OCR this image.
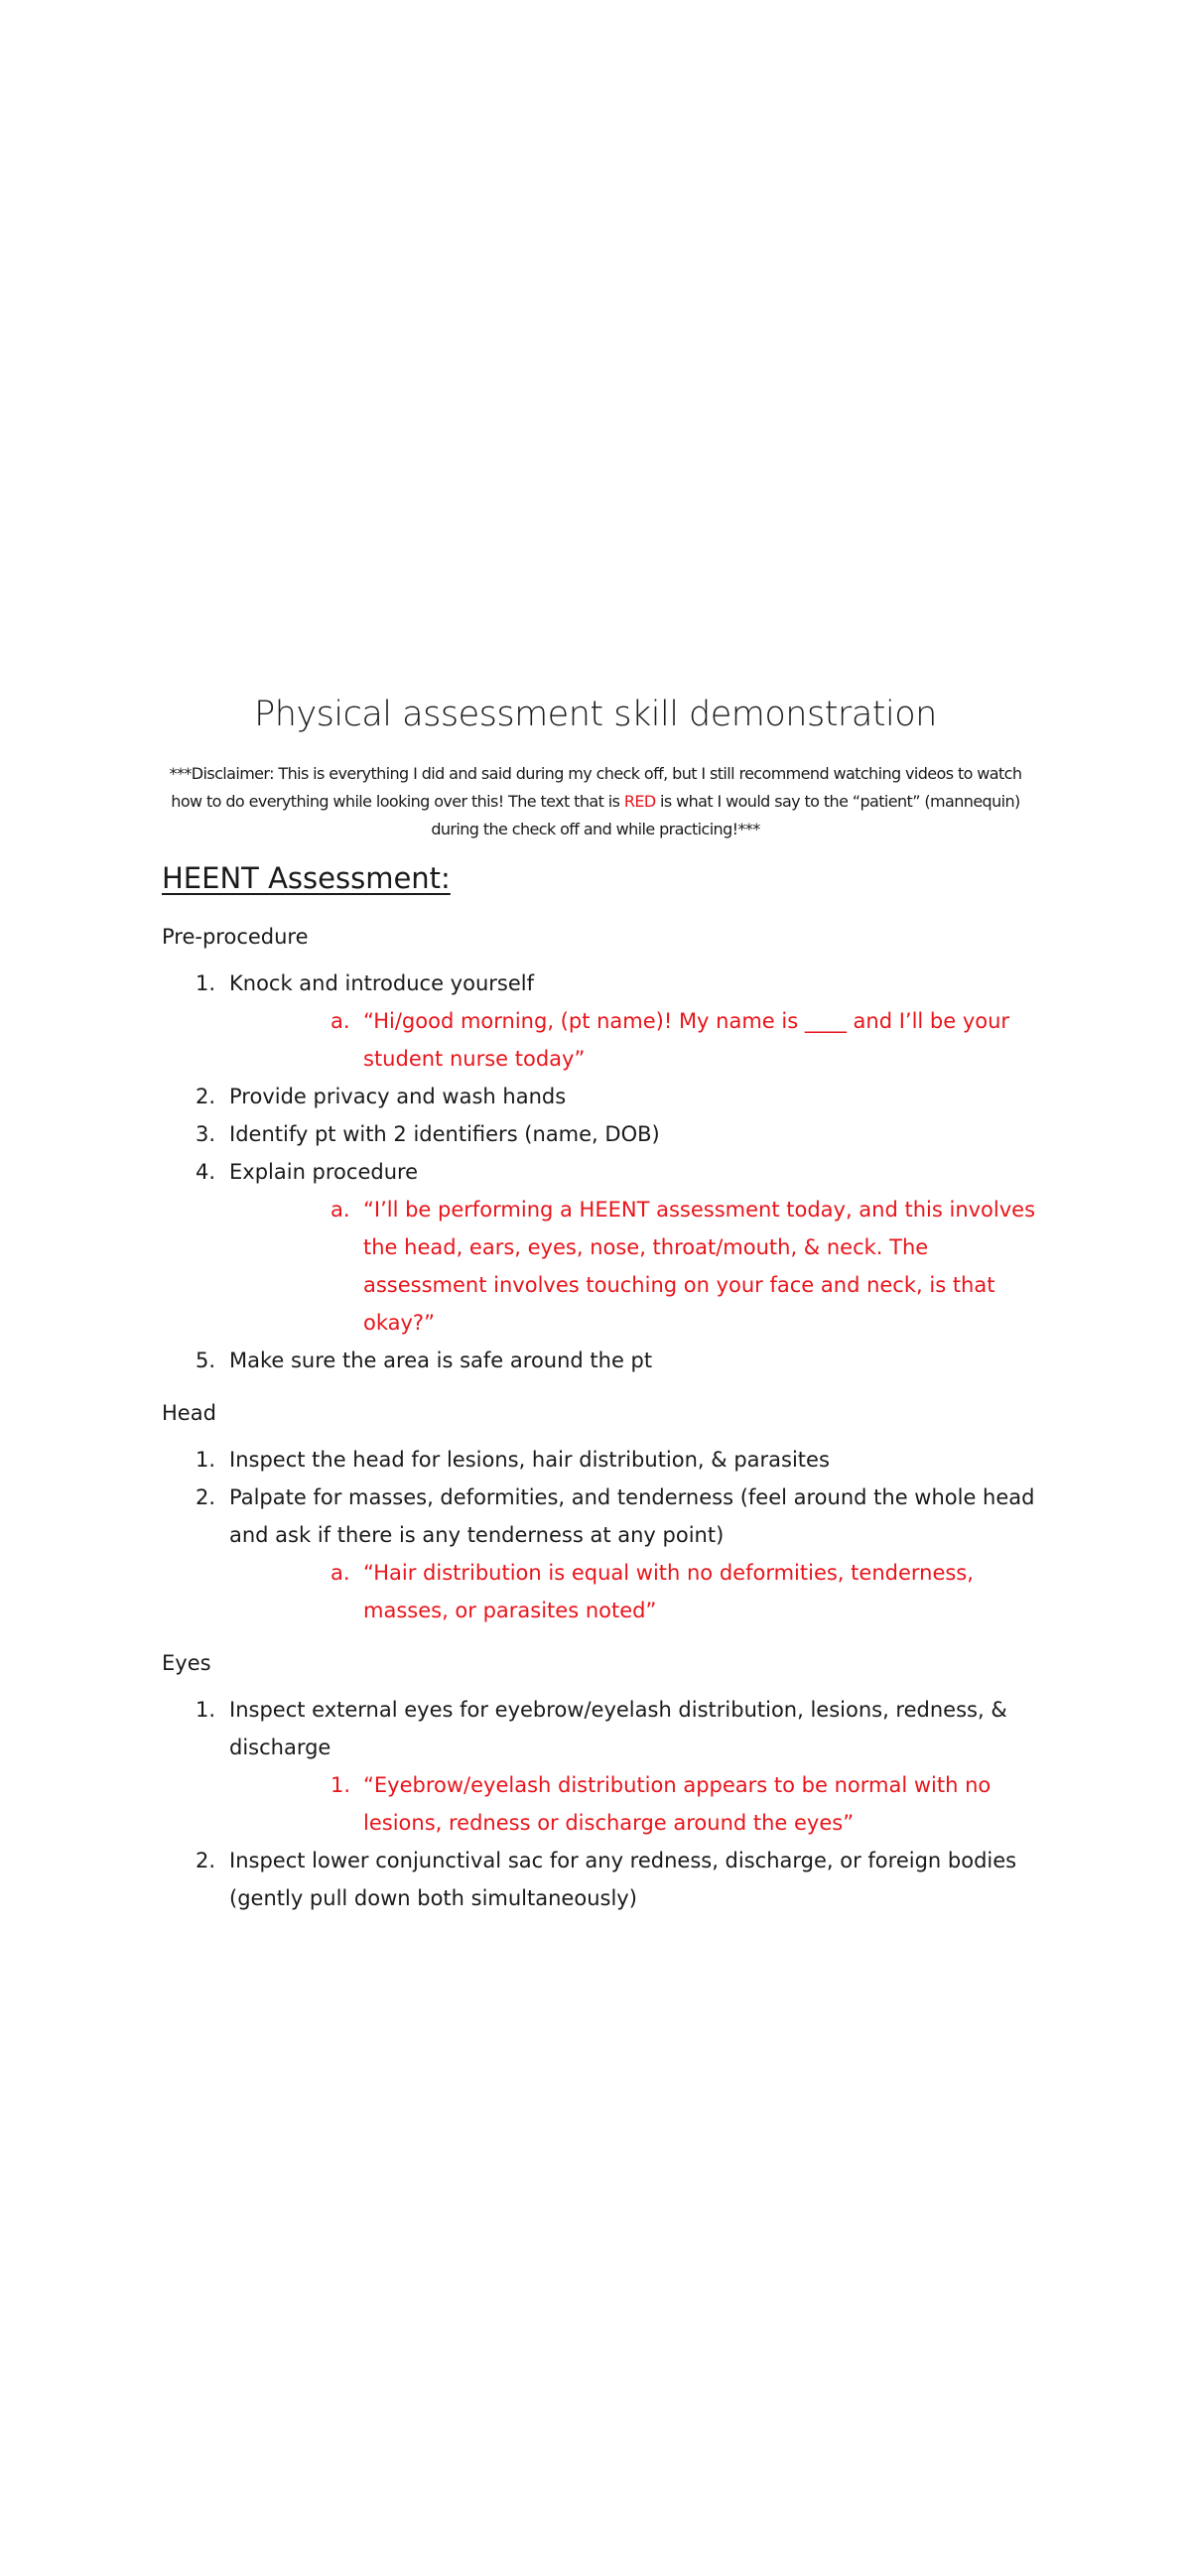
Physical assessment skill demonstration
***Disclaimer: This is everything I did and said during my check off, but I still recommend watching videos to watch how to do everything while looking over this! The text that is RED is what I would say to the “patient” (mannequin) during the check off and while practicing!***
HEENT Assessment:
Pre-procedure
1. Knock and introduce yourself
a. “Hi/good morning, (pt name)! My name is ____ and I’ll be your student nurse today”
2. Provide privacy and wash hands
3. Identify pt with 2 identifiers (name, DOB)
4. Explain procedure
a. “I’ll be performing a HEENT assessment today, and this involves the head, ears, eyes, nose, throat/mouth, & neck. The assessment involves touching on your face and neck, is that okay?”
5. Make sure the area is safe around the pt
Head
1. Inspect the head for lesions, hair distribution, & parasites
2. Palpate for masses, deformities, and tenderness (feel around the whole head and ask if there is any tenderness at any point)
a. “Hair distribution is equal with no deformities, tenderness, masses, or parasites noted”
Eyes
1. Inspect external eyes for eyebrow/eyelash distribution, lesions, redness, & discharge
1. “Eyebrow/eyelash distribution appears to be normal with no lesions, redness or discharge around the eyes”
2. Inspect lower conjunctival sac for any redness, discharge, or foreign bodies (gently pull down both simultaneously)
